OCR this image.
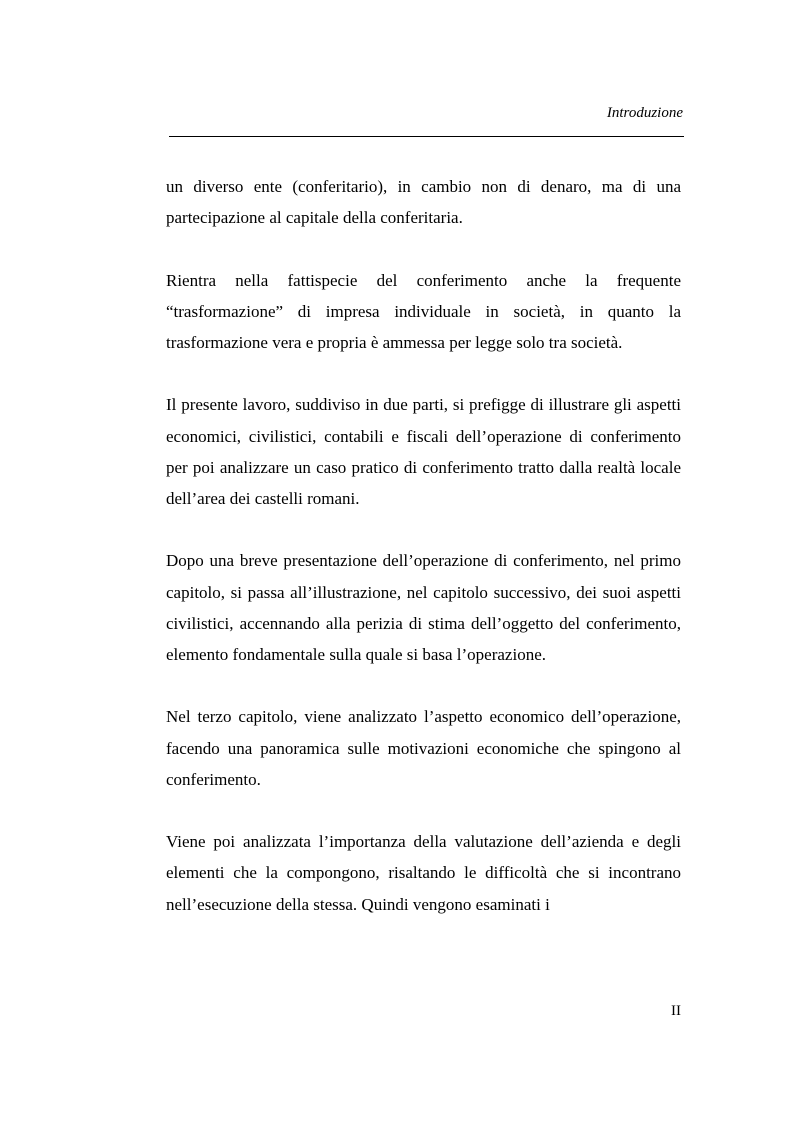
Introduzione

un diverso ente (conferitario), in cambio non di denaro, ma di una partecipazione al capitale della conferitaria.

Rientra nella fattispecie del conferimento anche la frequente “trasformazione” di impresa individuale in società, in quanto la trasformazione vera e propria è ammessa per legge solo tra società.

Il presente lavoro, suddiviso in due parti, si prefigge di illustrare gli aspetti economici, civilistici, contabili e fiscali dell’operazione di conferimento per poi analizzare un caso pratico di conferimento tratto dalla realtà locale dell’area dei castelli romani.

Dopo una breve presentazione dell’operazione di conferimento, nel primo capitolo, si passa all’illustrazione, nel capitolo successivo, dei suoi aspetti civilistici, accennando alla perizia di stima dell’oggetto del conferimento, elemento fondamentale sulla quale si basa l’operazione.

Nel terzo capitolo, viene analizzato l’aspetto economico dell’operazione, facendo una panoramica sulle motivazioni economiche che spingono al conferimento.

Viene poi analizzata l’importanza della valutazione dell’azienda e degli elementi che la compongono, risaltando le difficoltà che si incontrano nell’esecuzione della stessa. Quindi vengono esaminati i

II
